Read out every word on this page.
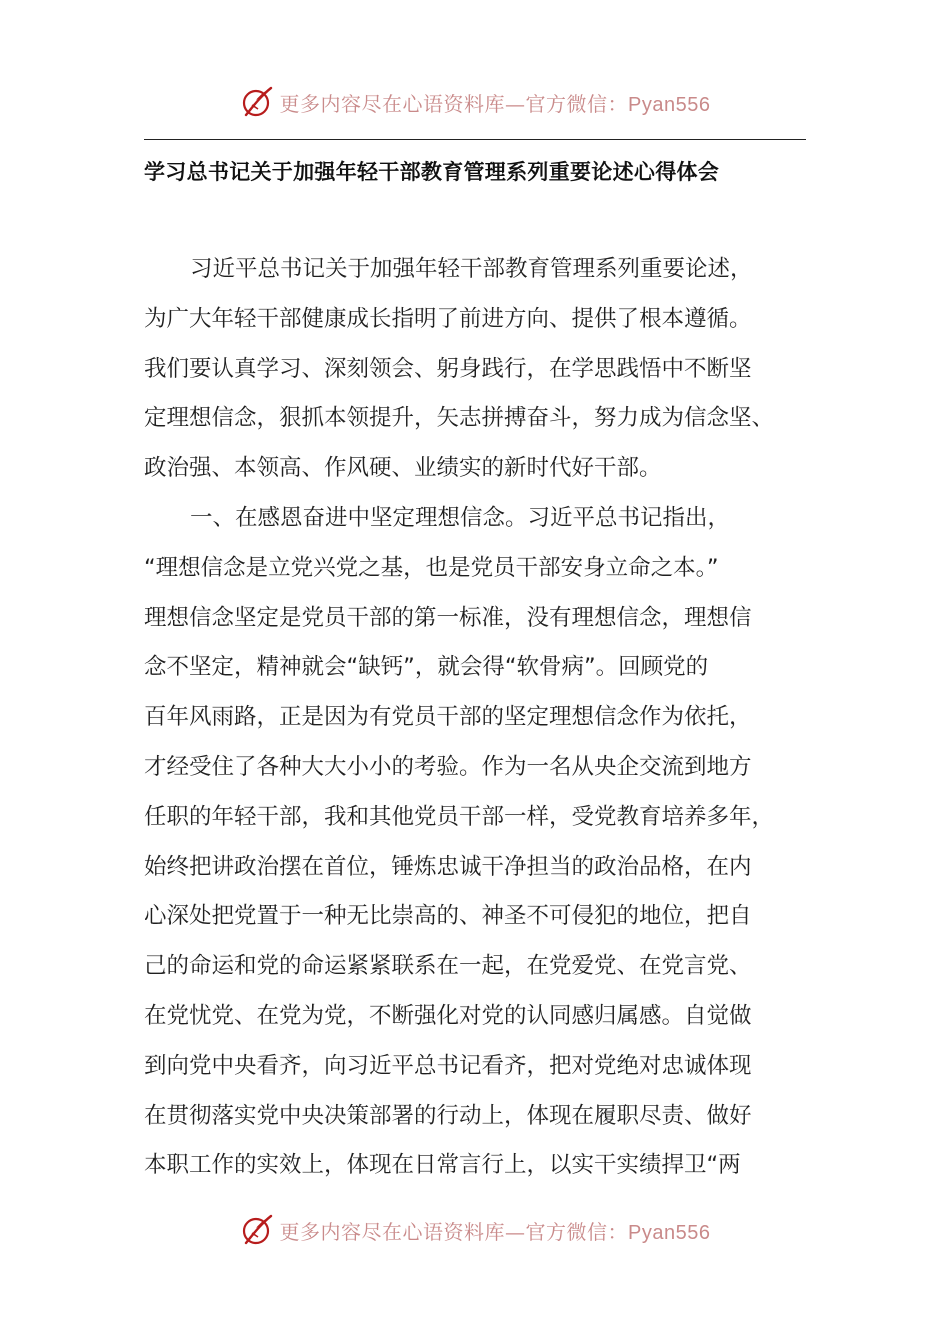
更多内容尽在心语资料库—官方微信：Pyan556
学习总书记关于加强年轻干部教育管理系列重要论述心得体会
习近平总书记关于加强年轻干部教育管理系列重要论述，
为广大年轻干部健康成长指明了前进方向、提供了根本遵循。
我们要认真学习、深刻领会、躬身践行，在学思践悟中不断坚
定理想信念，狠抓本领提升，矢志拼搏奋斗，努力成为信念坚、
政治强、本领高、作风硬、业绩实的新时代好干部。
一、在感恩奋进中坚定理想信念。习近平总书记指出，
“理想信念是立党兴党之基，也是党员干部安身立命之本。”
理想信念坚定是党员干部的第一标准，没有理想信念，理想信
念不坚定，精神就会“缺钙”，就会得“软骨病”。回顾党的
百年风雨路，正是因为有党员干部的坚定理想信念作为依托，
才经受住了各种大大小小的考验。作为一名从央企交流到地方
任职的年轻干部，我和其他党员干部一样，受党教育培养多年，
始终把讲政治摆在首位，锤炼忠诚干净担当的政治品格，在内
心深处把党置于一种无比崇高的、神圣不可侵犯的地位，把自
己的命运和党的命运紧紧联系在一起，在党爱党、在党言党、
在党忧党、在党为党，不断强化对党的认同感归属感。自觉做
到向党中央看齐，向习近平总书记看齐，把对党绝对忠诚体现
在贯彻落实党中央决策部署的行动上，体现在履职尽责、做好
本职工作的实效上，体现在日常言行上，以实干实绩捍卫“两
更多内容尽在心语资料库—官方微信：Pyan556
